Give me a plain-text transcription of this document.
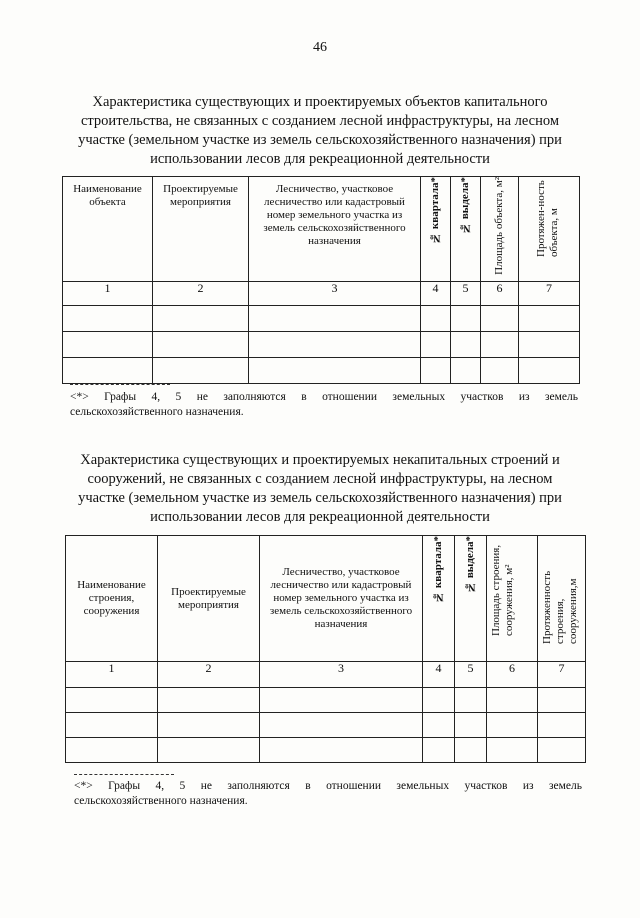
46
Характеристика существующих и проектируемых объектов капитального
строительства, не связанных с созданием лесной инфраструктуры, на лесном
участке (земельном участке из земель сельскохозяйственного назначения) при
использовании лесов для рекреационной деятельности
Наименование объекта	Проектируемые мероприятия	Лесничество, участковое лесничество или кадастровый номер земельного участка из земель сельскохозяйственного назначения	№ квартала*	№ выдела*	Площадь объекта, м²	Протяжен-ность объекта, м

1	2	3	4	5	6	7

<*> Графы 4, 5 не заполняются в отношении земельных участков из земель
сельскохозяйственного назначения.
Характеристика существующих и проектируемых некапитальных строений и
сооружений, не связанных с созданием лесной инфраструктуры, на лесном
участке (земельном участке из земель сельскохозяйственного назначения) при
использовании лесов для рекреационной деятельности
Наименование строения, сооружения	Проектируемые мероприятия	Лесничество, участковое лесничество или кадастровый номер земельного участка из земель сельскохозяйственного назначения	№ квартала*	№ выдела*	Площадь строения, сооружения, м²	Протяженность строения, сооружения,м

1	2	3	4	5	6	7

<*> Графы 4, 5 не заполняются в отношении земельных участков из земель
сельскохозяйственного назначения.
